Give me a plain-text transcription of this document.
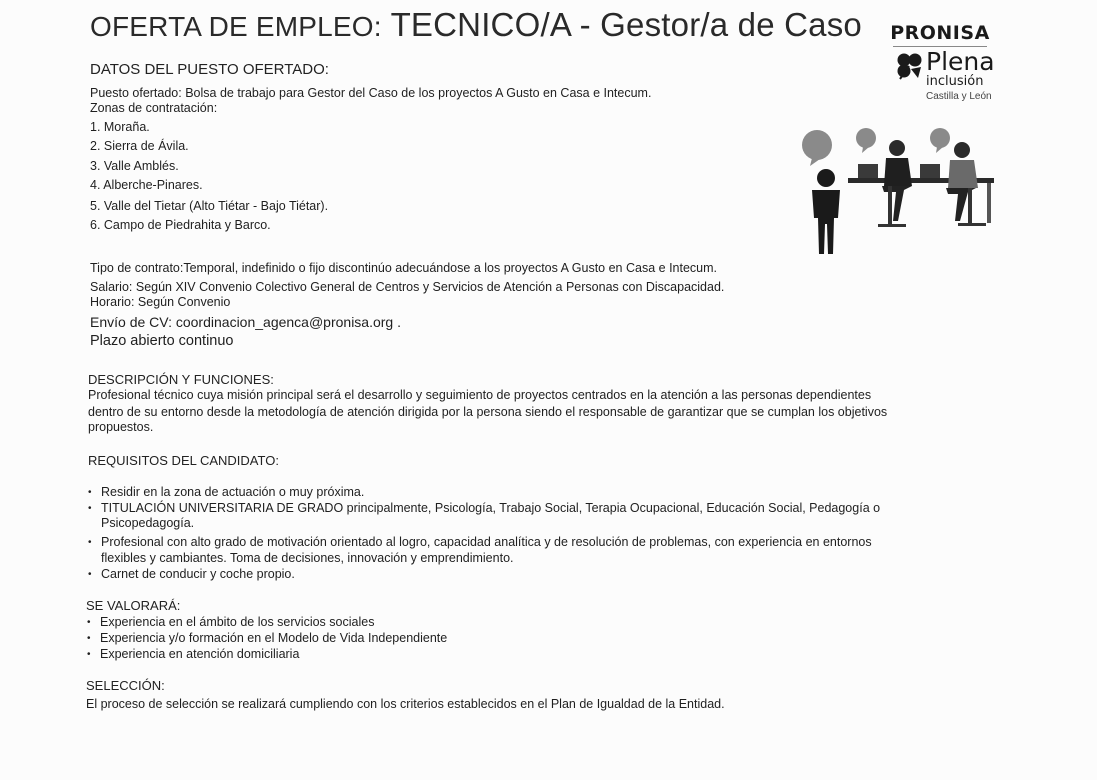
OFERTA DE EMPLEO: TECNICO/A - Gestor/a de Caso PRONISA
Plena
inclusión
Castilla y León
DATOS DEL PUESTO OFERTADO:
Puesto ofertado: Bolsa de trabajo para Gestor del Caso de los proyectos A Gusto en Casa e Intecum.
Zonas de contratación:
1. Moraña.
2. Sierra de Ávila.
3. Valle Amblés.
4. Alberche-Pinares.
5. Valle del Tietar (Alto Tiétar - Bajo Tiétar).
6. Campo de Piedrahita y Barco.
Tipo de contrato:Temporal, indefinido o fijo discontinúo adecuándose a los proyectos A Gusto en Casa e Intecum.
Salario: Según XIV Convenio Colectivo General de Centros y Servicios de Atención a Personas con Discapacidad.
Horario: Según Convenio
Envío de CV: coordinacion_agenca@pronisa.org .
Plazo abierto continuo
DESCRIPCIÓN Y FUNCIONES:
Profesional técnico cuya misión principal será el desarrollo y seguimiento de proyectos centrados en la atención a las personas dependientes
dentro de su entorno desde la metodología de atención dirigida por la persona siendo el responsable de garantizar que se cumplan los objetivos
propuestos.
REQUISITOS DEL CANDIDATO:
• Residir en la zona de actuación o muy próxima.
• TITULACIÓN UNIVERSITARIA DE GRADO principalmente, Psicología, Trabajo Social, Terapia Ocupacional, Educación Social, Pedagogía o
Psicopedagogía.
• Profesional con alto grado de motivación orientado al logro, capacidad analítica y de resolución de problemas, con experiencia en entornos
flexibles y cambiantes. Toma de decisiones, innovación y emprendimiento.
• Carnet de conducir y coche propio.
SE VALORARÁ:
• Experiencia en el ámbito de los servicios sociales
• Experiencia y/o formación en el Modelo de Vida Independiente
• Experiencia en atención domiciliaria
SELECCIÓN:
El proceso de selección se realizará cumpliendo con los criterios establecidos en el Plan de Igualdad de la Entidad.
